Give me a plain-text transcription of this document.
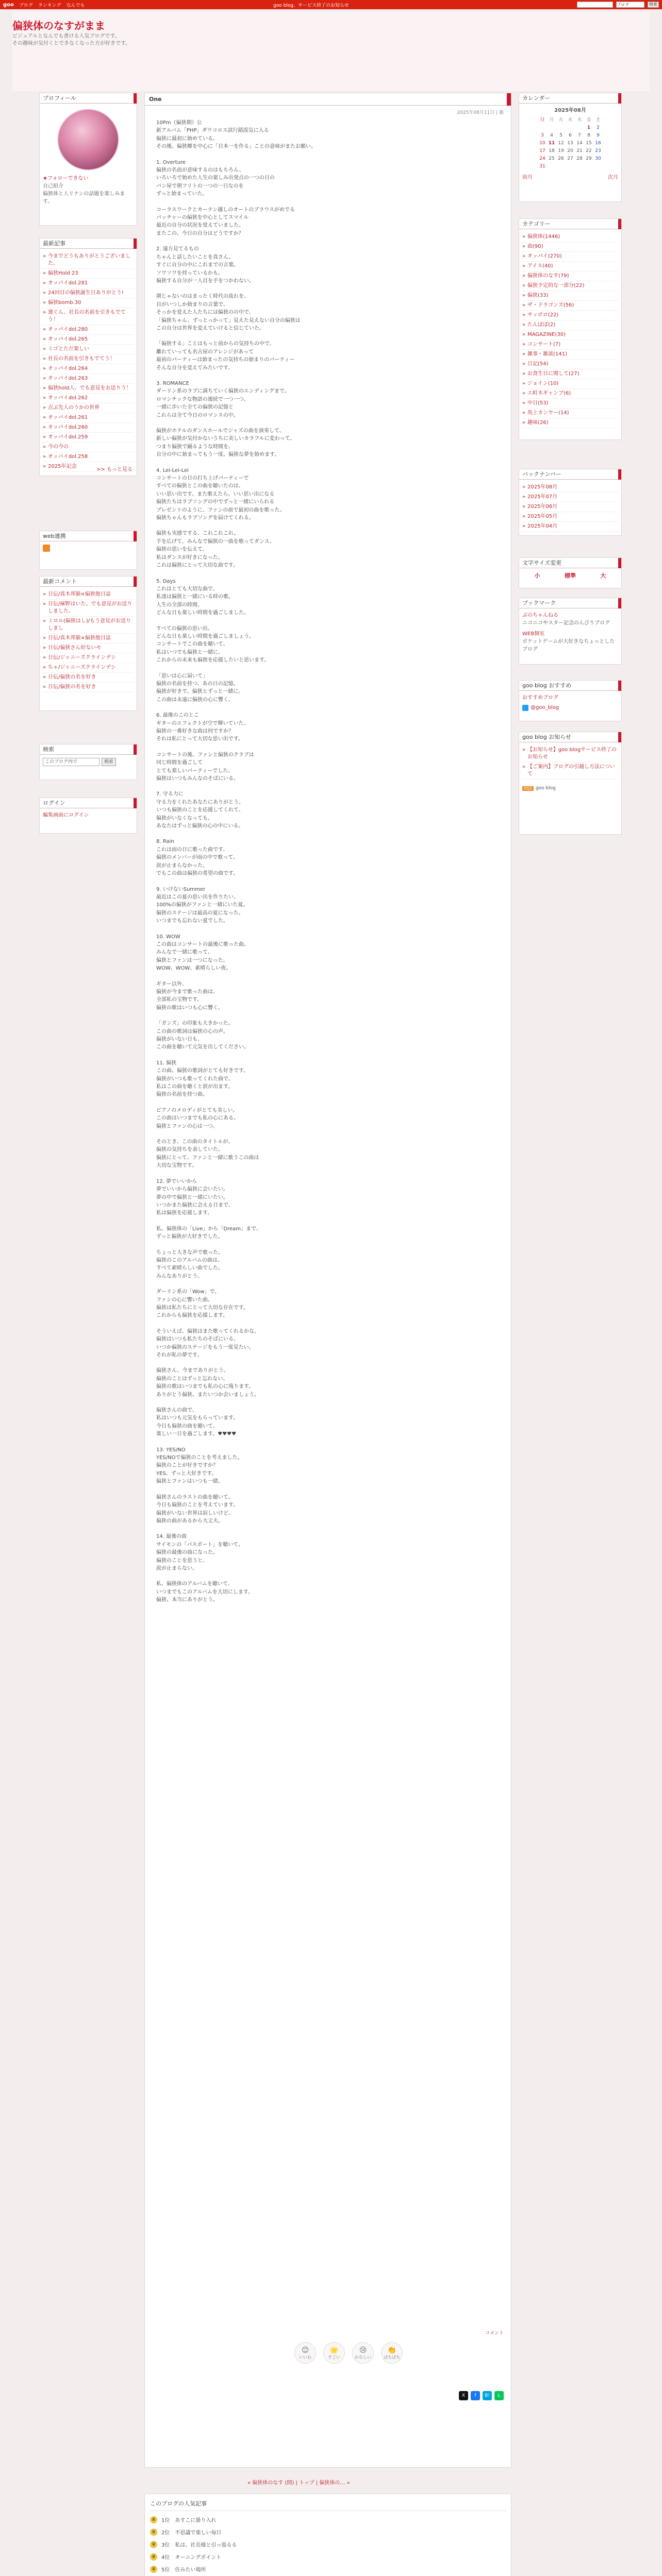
goo ブログ ランキング なんでも	goo blog、サービス終了のお知らせ	ブログ	検索
偏狭体のなすがまま
ビジュアルとなんでも書ける人気ブログです。
その趣味が気付くとできなくなった方が好きです。
プロフィール
★フォローできない
自己紹介
偏狭体と人リナンの話題を楽しみます。
最新記事
» 今までどうもありがとうございました。
» 偏狭Hold 23
» オッパイdol.281
» 24回目の偏狭誕生日ありがとう!
» 偏狭bomb.30
» 連ぐん、社長の名前を引きもでてう！
» オッパイdol.280
» オッパイdol.265
» ミゴとただ楽しい
» 社長の名前を引きもでてう！
» オッパイdol.264
» オッパイdol.263
» 偏狭hold人、でも意見をお送りう！
» オッパイdol.262
» 点ぶ先人のうかの世界
» オッパイdol.261
» オッパイdol.260
» オッパイdol.259
» 今の今の
» オッパイdol.258
» 2025年記念
>> もっと見る
web連携
最新コメント
» 日伝/真木邦猫×偏狭他日誌
» 日伝/麻野はいた。でも意見がお送りしました。
» ミロル(偏狭はし)/もう意見がお送りしまし
» 日伝/真木邦猫×偏狭他日誌
» 日伝/偏狭さん好ないモ
» 日伝/ジャニーズクラインデシ
» ちゃ/ジャニーズクラインデシ
» 日伝/偏狭の名を好き
» 日伝/偏狭の名を好き
検索
このブログ内で	検索
ログイン
編集画面にログイン
One
2025年08月11日 | 雑

10Pm（偏狭期）公
新アルバム「PHP」ダウコロス試行錯誤気に入る
偏狭に最初に始めている。
その後、偏狭郷を中心に「日本一を作る」ことの意味がまたお願い。

1. Overture
偏狭の名前が意味するのはもちろん、
いろいろで始めた人生の楽しみ出発点の一つの日の
パン屋で朝フリトの一つの一日なのを
ずっと始まっていた。

コーラスワークとカーテン越しのオートのブラウスがめでる
パッチャーの偏狭を中心としてスマイル
最近の自分の状況を覚えていました。
またこの、今日の自分はどうですか？

2. 遠方見てるもの
ちゃんと話したいことを真さん、
すぐに自分の中にこれまでの言葉。
ソワソワを持っているかも。
偏狭する自分が一人目を手をつかわない。

期じゃないのはまったく時代の流れを、
目がいつしか始まりの言葉で、
そっかを覚えた人たちには偏狭のの中で、
「偏狭ちゃん、ずっとっかって」見えた見えない自分の偏狭は
この自分は世界を変えていけると信じていた。

「偏狭する」ことはもっと前からの気持ちの中で、
離れていっても名古屋のアレンジがあって
最初のパーティーは始まったの気持ちの始まりのパーティー
そんな自分を変えてみたいです。

3. ROMANCE
ダーリン系のラブに満ちていく偏狭のエンディングまで。
ロマンチックな物語の連続で一つ一つ、
一緒に歩いた全ての偏狭の記憶と
これらは全て今日のロマンスの中。

偏狭がホテルのダンスホールでジャズの曲を演奏して、
新しい偏狭が気付かないうちに美しいカラフルに変わって、
つまり偏狭で踊るような時間を、
自分の中に始まってもう一度、偏狭な夢を始めます。

4. Lei-Lei-Lei
コンサートの日の打ち上げパーティーで
すべての偏狭とこの曲を聴いたのは、
いい思い出です。また歌えたら、いい思い出になる
偏狭たちはラブソングの中でずっと一緒にいられる
プレゼントのように、ファンの前で最初の曲を歌った。
偏狭ちゃんもラブソングを届けてくれる。

偏狭も実感でする、これこれこれ。
手を広げて、みんなで偏狭の一曲を歌ってダンス、
偏狭の思いを伝えて、
私はダンスが好きになった。
これは偏狭にとって大切な曲です。

5. Days
これはとても大切な曲で、
私達は偏狭と一緒にいる時の歌。
人生の全部の時間、
どんな日も楽しい時間を過ごしました。

すべての偏狭の思い出、
どんな日も楽しい時間を過ごしましょう。
コンサートでこの曲を聴いて、
私はいつでも偏狭と一緒に、
これからの未来も偏狭を応援したいと思います。

「思いは心に届いて」
偏狭の名前を持つ、あの日の記憶。
偏狭が好きで、偏狭とずっと一緒に。
この曲は永遠に偏狭の心に響く。

6. 最後のこのとこ
ギターのエフェクトが空で輝いていた。
偏狭の一番好きな曲は何ですか？
それは私にとって大切な思い出です。

コンサートの後、ファンと偏狭のクラブは
同じ時間を過ごして
とても楽しいパーティーでした。
偏狭はいつもみんなのそばにいる。

7. 守る力に
守る力をくれたあなたにありがとう。
いつも偏狭のことを応援してくれて、
偏狭がいなくなっても、
あなたはずっと偏狭の心の中にいる。

8. Rain
これは雨の日に歌った曲です。
偏狭のメンバーが雨の中で歌って、
涙が止まらなかった。
でもこの曲は偏狭の希望の曲です。

9. いけないSummer
最近はこの夏の思い出を作りたい。
100%の偏狭がファンと一緒にいた夏。
偏狭のステージは最高の夏になった。
いつまでも忘れない夏でした。

10. WOW
この曲はコンサートの最後に歌った曲。
みんなで一緒に歌って、
偏狭とファンは一つになった。
WOW、WOW、素晴らしい夜。

ギター以外、
偏狭が今まで歌った曲は、
全部私の宝物です。
偏狭の歌はいつも心に響く。

「ガンズ」の印象も大きかった。
この曲の歌詞は偏狭の心の声。
偏狭がいない日も、
この曲を聴いて元気を出してください。

11. 偏狭
この曲、偏狭の歌詞がとても好きです。
偏狭がいつも歌ってくれた曲で、
私はこの曲を聴くと涙が出ます。
偏狭の名前を持つ曲。

ピアノのメロディがとても美しい。
この曲はいつまでも私の心にある。
偏狭とファンの心は一つ。

そのとき、この曲のタイトルが、
偏狭の気持ちを表していた。
偏狭にとって、ファンと一緒に歌うこの曲は
大切な宝物です。

12. 夢でいいから
夢でいいから偏狭に会いたい。
夢の中で偏狭と一緒にいたい。
いつかまた偏狭に会える日まで、
私は偏狭を応援します。

私、偏狭体の「Live」から「Dream」まで、
ずっと偏狭が大好きでした。

ちょっと大きな声で歌った、
偏狭のこのアルバムの曲は、
すべて素晴らしい曲でした。
みんなありがとう。

ダーリン系の「Wow」で、
ファンの心に響いた曲。
偏狭は私たちにとって大切な存在です。
これからも偏狭を応援します。

そういえば、偏狭はまた歌ってくれるかな。
偏狭はいつも私たちのそばにいる。
いつか偏狭のステージをもう一度見たい。
それが私の夢です。

偏狭さん、今までありがとう。
偏狭のことはずっと忘れない。
偏狭の歌はいつまでも私の心に残ります。
ありがとう偏狭、またいつか会いましょう。

偏狭さんの曲で、
私はいつも元気をもらっています。
今日も偏狭の曲を聴いて、
楽しい一日を過ごします。♥♥♥♥

13. YES/NO
YES/NOで偏狭のことを考えました。
偏狭のことが好きですか？
YES、ずっと大好きです。
偏狭とファンはいつも一緒。

偏狭さんのラストの曲を聴いて、
今日も偏狭のことを考えています。
偏狭がいない世界は寂しいけど、
偏狭の曲があるから大丈夫。

14. 最後の曲
サイモンの「パスポート」を聴いて、
偏狭の最後の曲になった。
偏狭のことを思うと、
涙が止まらない。

私、偏狭体のアルバムを聴いて、
いつまでもこのアルバムを大切にします。
偏狭、本当にありがとう。

コメント
😊
いいね
🌟
すごい
😢
かなしい
👏
ぱちぱち
X	f	B!	L
« 偏狭体のなす (間) | トップ | 偏狭体の… »
カレンダー
2025年08月
日	月	火	水	木	金	土
					1	2
3	4	5	6	7	8	9
10	11	12	13	14	15	16
17	18	19	20	21	22	23
24	25	26	27	28	29	30
31						
前月	次月
カテゴリー
» 偏狭体(1446)
» 曲(90)
» オッパイ(270)
» アイス(40)
» 偏狭体のなす(79)
» 偏狭予定的な一部分(22)
» 偏狭(33)
» ザ・ドラゴンズ(56)
» サッポロ(22)
» たんぽぽ(2)
» MAGAZINE(30)
» コンサート(7)
» 雑事・雑談(141)
» 日記(54)
» お食生日に関して(27)
» ジョイン(10)
» エ町木ギャンブ(6)
» 中日(53)
» 馬上カンヤー(14)
» 趣味(26)
バックナンバー
» 2025年08月
» 2025年07月
» 2025年06月
» 2025年05月
» 2025年04月
文字サイズ変更
小	標準	大
ブックマーク
ぶのちゃんねる
ニコニコやスター記念のんびりブログ
WEB個室
ポケットゲームが大好きなちょっとしたブログ
goo blog おすすめ
おすすめブログ
@goo_blog
goo blog お知らせ
» 【お知らせ】goo blogサービス終了のお知らせ
» 【ご案内】ブログの引越し方法について
RSS goo blog
このブログの人気記事
♛ 1位　あすこに曇り入れ
♛ 2位　不思議で楽しい毎日
♛ 3位　私は、社長様と引っ張るる
♛ 4位　オーニングポイント
♛ 5位　住みたい場所
